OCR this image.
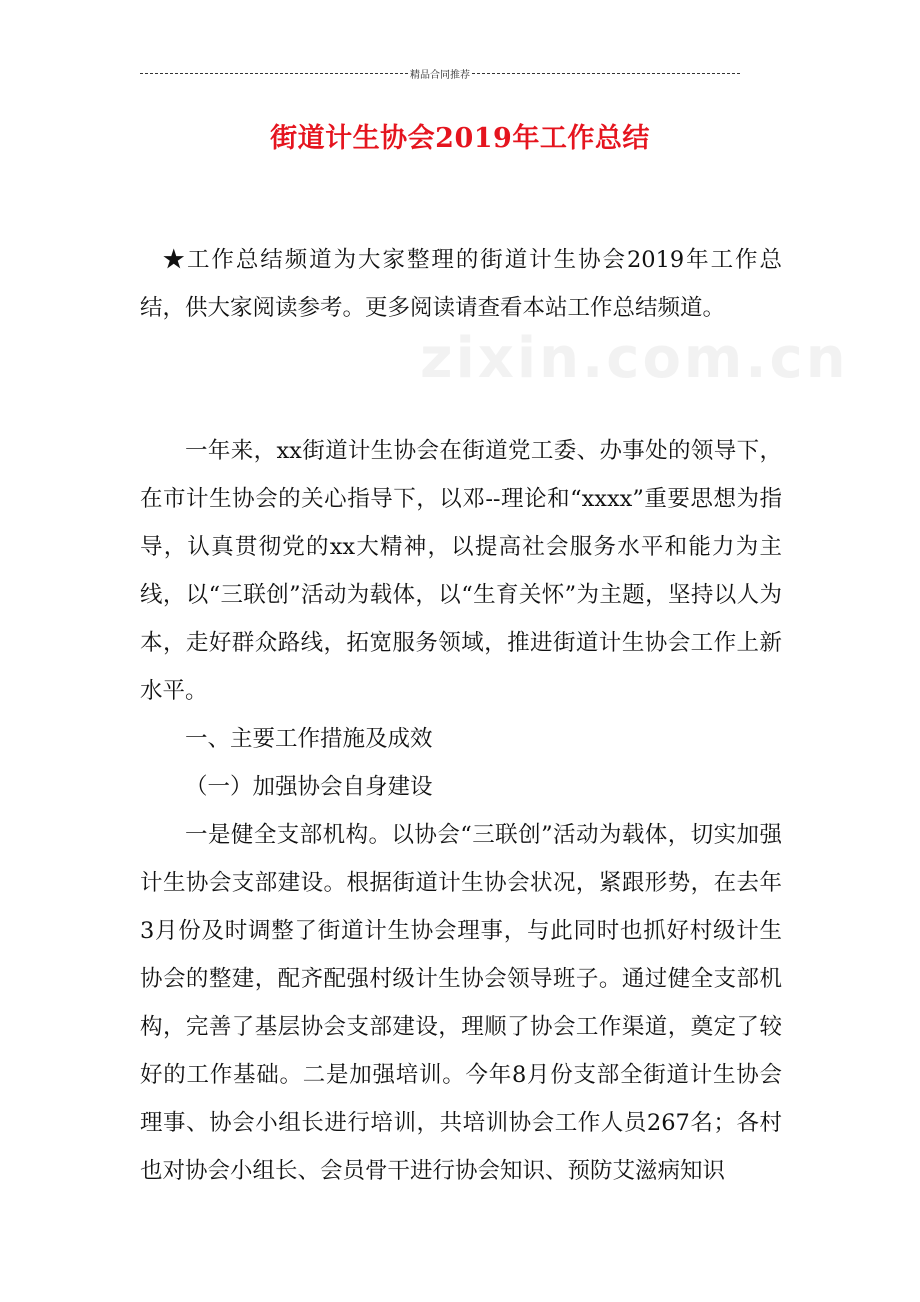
精品合同推荐
街道计生协会2019年工作总结
zixin.com.cn

★工作总结频道为大家整理的街道计生协会2019年工作总结，供大家阅读参考。更多阅读请查看本站工作总结频道。

一年来，xx街道计生协会在街道党工委、办事处的领导下，在市计生协会的关心指导下，以邓--理论和“xxxx”重要思想为指导，认真贯彻党的xx大精神，以提高社会服务水平和能力为主线，以“三联创”活动为载体，以“生育关怀”为主题，坚持以人为本，走好群众路线，拓宽服务领域，推进街道计生协会工作上新水平。

一、主要工作措施及成效

（一）加强协会自身建设

一是健全支部机构。以协会“三联创”活动为载体，切实加强计生协会支部建设。根据街道计生协会状况，紧跟形势，在去年3月份及时调整了街道计生协会理事，与此同时也抓好村级计生协会的整建，配齐配强村级计生协会领导班子。通过健全支部机构，完善了基层协会支部建设，理顺了协会工作渠道，奠定了较好的工作基础。二是加强培训。今年8月份支部全街道计生协会理事、协会小组长进行培训，共培训协会工作人员267名；各村也对协会小组长、会员骨干进行协会知识、预防艾滋病知识
